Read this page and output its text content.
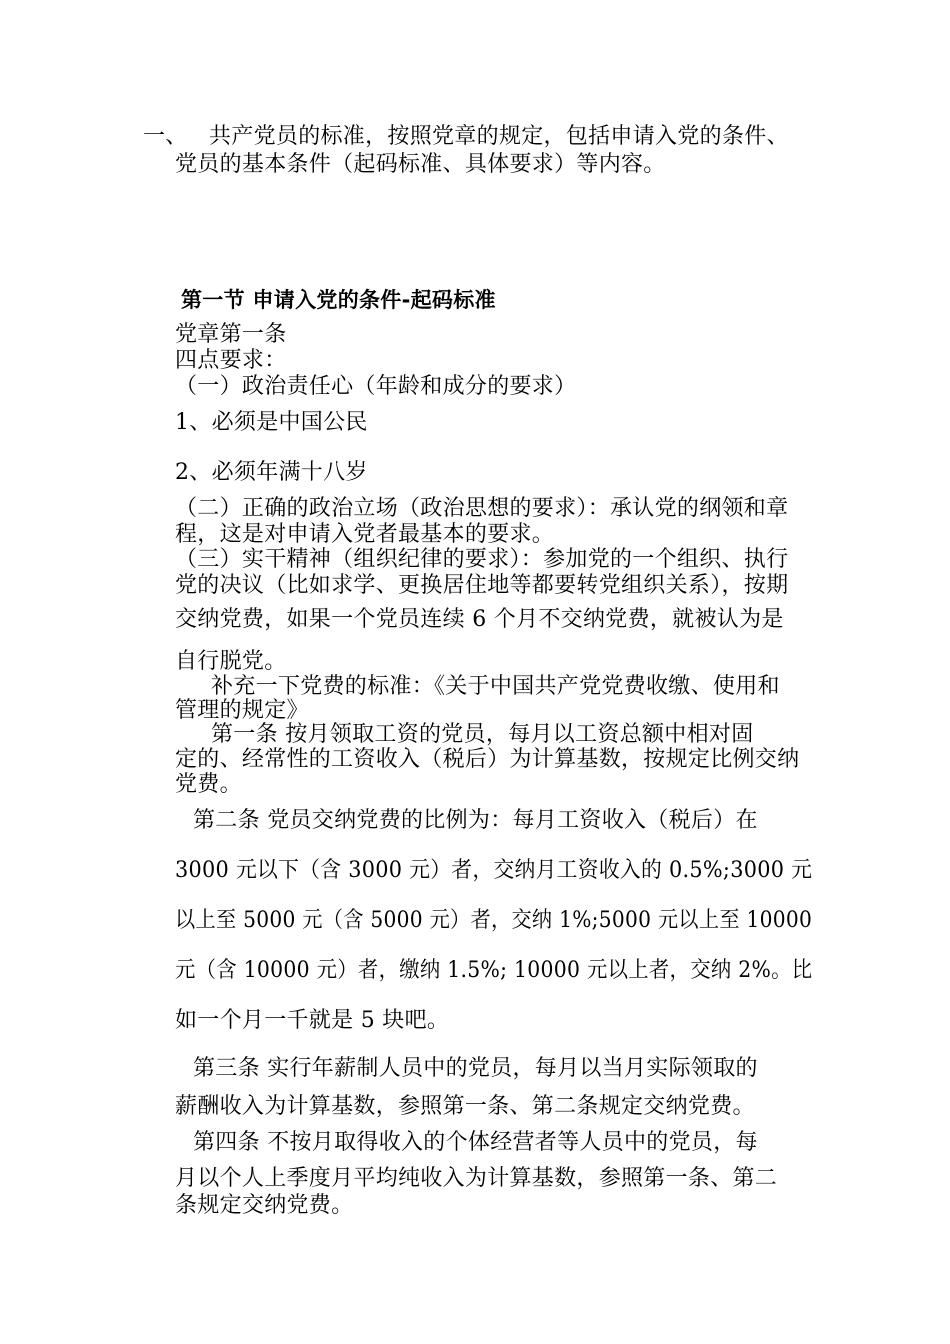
一、 共产党员的标准，按照党章的规定，包括申请入党的条件、
党员的基本条件（起码标准、具体要求）等内容。
第一节 申请入党的条件-起码标准
党章第一条
四点要求：
（一）政治责任心（年龄和成分的要求）
1、必须是中国公民
2、必须年满十八岁
（二）正确的政治立场（政治思想的要求）：承认党的纲领和章
程，这是对申请入党者最基本的要求。
（三）实干精神（组织纪律的要求）：参加党的一个组织、执行
党的决议（比如求学、更换居住地等都要转党组织关系），按期
交纳党费，如果一个党员连续 6 个月不交纳党费，就被认为是
自行脱党。
补充一下党费的标准：《关于中国共产党党费收缴、使用和
管理的规定》
第一条 按月领取工资的党员，每月以工资总额中相对固
定的、经常性的工资收入（税后）为计算基数，按规定比例交纳
党费。
第二条 党员交纳党费的比例为：每月工资收入（税后）在
3000 元以下（含 3000 元）者，交纳月工资收入的 0.5%;3000 元
以上至 5000 元（含 5000 元）者，交纳 1%;5000 元以上至 10000
元（含 10000 元）者，缴纳 1.5%; 10000 元以上者，交纳 2%。比
如一个月一千就是 5 块吧。
第三条 实行年薪制人员中的党员，每月以当月实际领取的
薪酬收入为计算基数，参照第一条、第二条规定交纳党费。
第四条 不按月取得收入的个体经营者等人员中的党员，每
月以个人上季度月平均纯收入为计算基数，参照第一条、第二
条规定交纳党费。
